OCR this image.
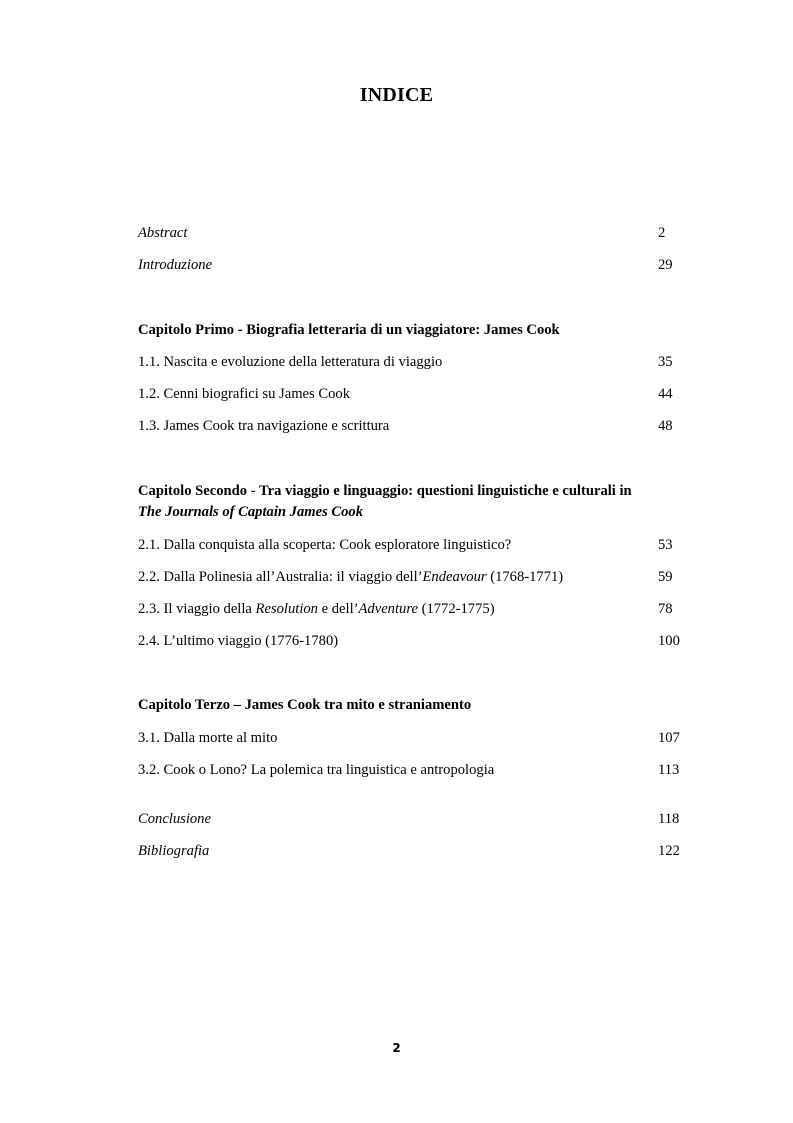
INDICE
Abstract	2
Introduzione	29
Capitolo Primo - Biografia letteraria di un viaggiatore: James Cook
1.1. Nascita e evoluzione della letteratura di viaggio	35
1.2. Cenni biografici su James Cook	44
1.3. James Cook tra navigazione e scrittura	48
Capitolo Secondo - Tra viaggio e linguaggio: questioni linguistiche e culturali in
The Journals of Captain James Cook
2.1. Dalla conquista alla scoperta: Cook esploratore linguistico?	53
2.2. Dalla Polinesia all’Australia: il viaggio dell’Endeavour (1768-1771)	59
2.3. Il viaggio della Resolution e dell’Adventure (1772-1775)	78
2.4. L’ultimo viaggio (1776-1780)	100
Capitolo Terzo – James Cook tra mito e straniamento
3.1. Dalla morte al mito	107
3.2. Cook o Lono? La polemica tra linguistica e antropologia	113
Conclusione	118
Bibliografia	122
2
